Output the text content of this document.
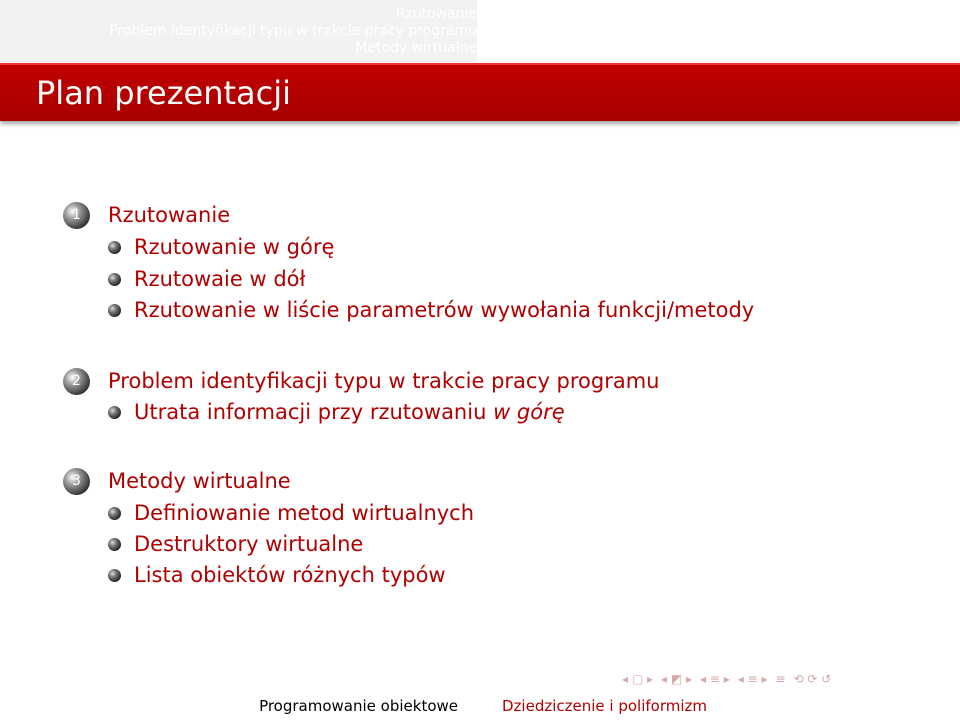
Rzutowanie
Problem identyfikacji typu w trakcie pracy programu
Metody wirtualne
Plan prezentacji
1	Rzutowanie
Rzutowanie w górę
Rzutowaie w dół
Rzutowanie w liście parametrów wywołania funkcji/metody
2	Problem identyfikacji typu w trakcie pracy programu
Utrata informacji przy rzutowaniu w górę
3	Metody wirtualne
Definiowanie metod wirtualnych
Destruktory wirtualne
Lista obiektów różnych typów
◂ ▢ ▸ ◂ ◩ ▸ ◂ ≡ ▸ ◂ ≡ ▸ ≡ ⟲ ⟳ ↺
Programowanie obiektowe	Dziedziczenie i poliformizm
